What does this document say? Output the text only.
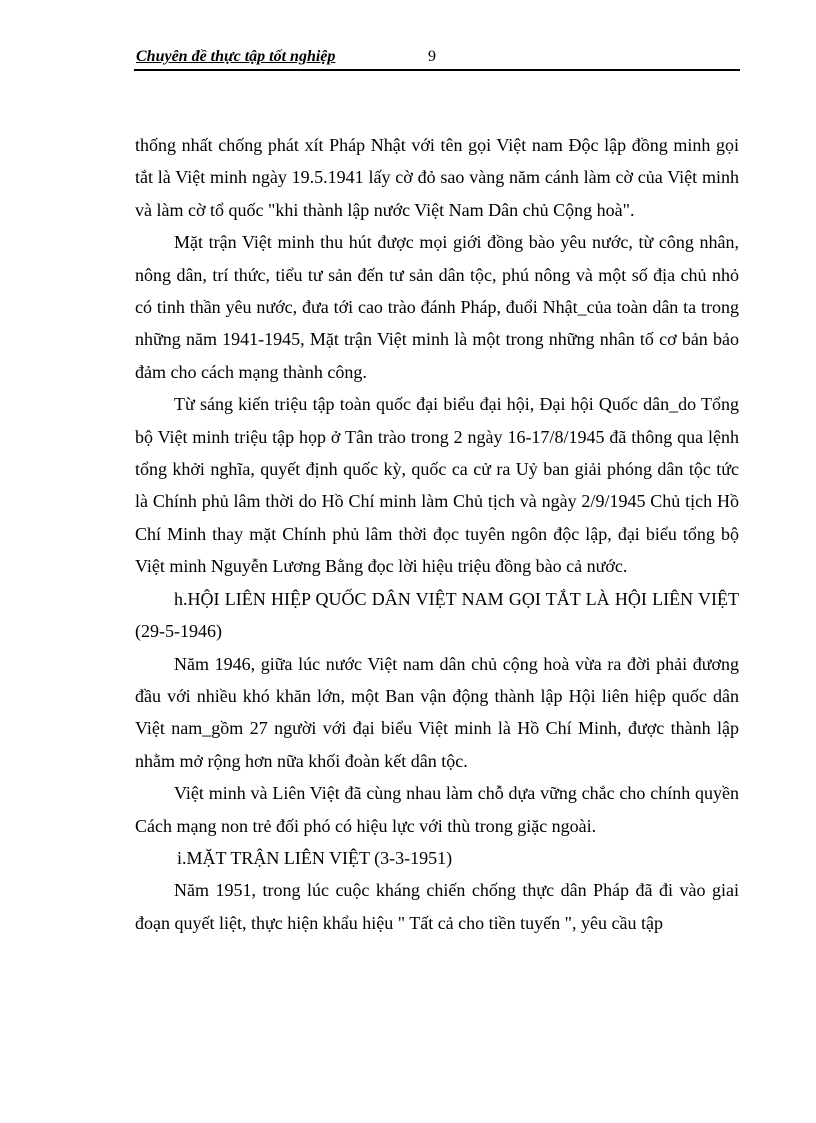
Chuyên đề thực tập tốt nghiệp	9

thống nhất chống phát xít Pháp Nhật với tên gọi Việt nam Độc lập đồng minh gọi tắt là Việt minh ngày 19.5.1941 lấy cờ đỏ sao vàng năm cánh làm cờ của Việt minh và làm cờ tổ quốc "khi thành lập nước Việt Nam Dân chủ Cộng hoà".

Mặt trận Việt minh thu hút được mọi giới đồng bào yêu nước, từ công nhân, nông dân, trí thức, tiểu tư sản đến tư sản dân tộc, phú nông và một số địa chủ nhỏ có tinh thần yêu nước, đưa tới cao trào đánh Pháp, đuổi Nhật_của toàn dân ta trong những năm 1941-1945, Mặt trận Việt minh là một trong những nhân tố cơ bản bảo đảm cho cách mạng thành công.

Từ sáng kiến triệu tập toàn quốc đại biểu đại hội, Đại hội Quốc dân_do Tổng bộ Việt minh triệu tập họp ở Tân trào trong 2 ngày 16-17/8/1945 đã thông qua lệnh tổng khởi nghĩa, quyết định quốc kỳ, quốc ca cử ra Uỷ ban giải phóng dân tộc tức là Chính phủ lâm thời do Hồ Chí minh làm Chủ tịch và ngày 2/9/1945 Chủ tịch Hồ Chí Minh thay mặt Chính phủ lâm thời đọc tuyên ngôn độc lập, đại biểu tổng bộ Việt minh Nguyễn Lương Bằng đọc lời hiệu triệu đồng bào cả nước.

h.HỘI LIÊN HIỆP QUỐC DÂN VIỆT NAM GỌI TẮT LÀ HỘI LIÊN VIỆT (29-5-1946)

Năm 1946, giữa lúc nước Việt nam dân chủ cộng hoà vừa ra đời phải đương đầu với nhiều khó khăn lớn, một Ban vận động thành lập Hội liên hiệp quốc dân Việt nam_gồm 27 người với đại biểu Việt minh là Hồ Chí Minh, được thành lập nhằm mở rộng hơn nữa khối đoàn kết dân tộc.

Việt minh và Liên Việt đã cùng nhau làm chỗ dựa vững chắc cho chính quyền Cách mạng non trẻ đối phó có hiệu lực với thù trong giặc ngoài.

i.MẶT TRẬN LIÊN VIỆT (3-3-1951)

Năm 1951, trong lúc cuộc kháng chiến chống thực dân Pháp đã đi vào giai đoạn quyết liệt, thực hiện khẩu hiệu " Tất cả cho tiền tuyến ", yêu cầu tập
